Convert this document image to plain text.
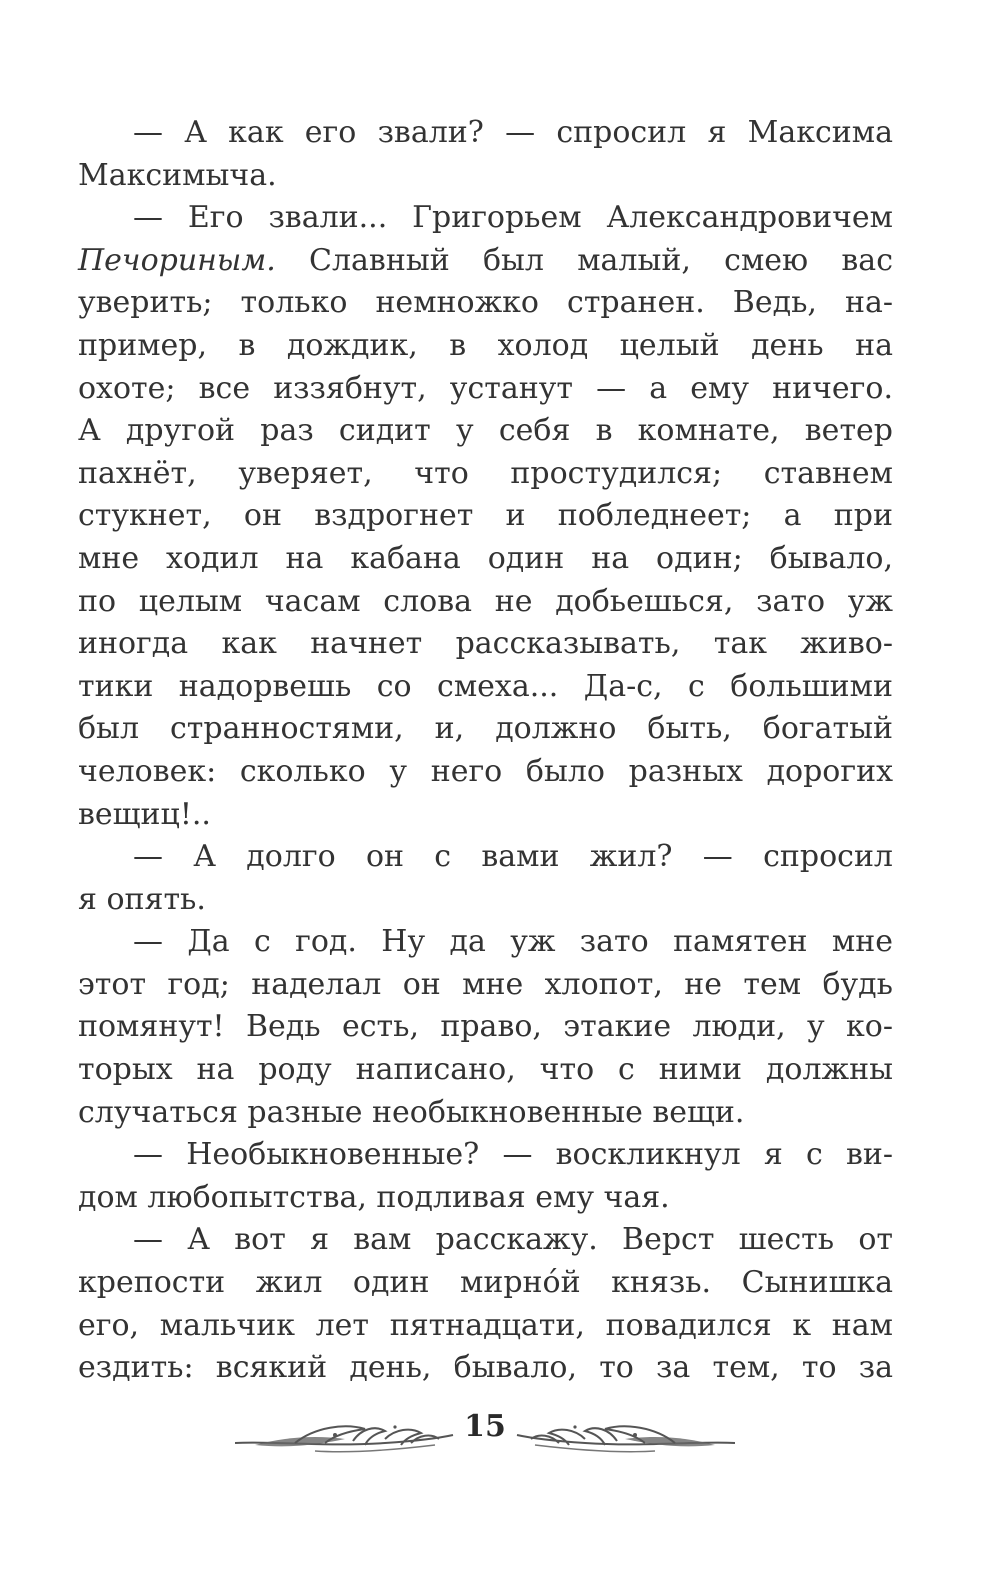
— А как его звали? — спросил я Максима
Максимыча.
— Его звали... Григорьем Александровичем
Печориным. Славный был малый, смею вас
уверить; только немножко странен. Ведь, на-
пример, в дождик, в холод целый день на
охоте; все иззябнут, устанут — а ему ничего.
А другой раз сидит у себя в комнате, ветер
пахнёт, уверяет, что простудился; ставнем
стукнет, он вздрогнет и побледнеет; а при
мне ходил на кабана один на один; бывало,
по целым часам слова не добьешься, зато уж
иногда как начнет рассказывать, так живо-
тики надорвешь со смеха... Да-с, с большими
был странностями, и, должно быть, богатый
человек: сколько у него было разных дорогих
вещиц!..
— А долго он с вами жил? — спросил
я опять.
— Да с год. Ну да уж зато памятен мне
этот год; наделал он мне хлопот, не тем будь
помянут! Ведь есть, право, этакие люди, у ко-
торых на роду написано, что с ними должны
случаться разные необыкновенные вещи.
— Необыкновенные? — воскликнул я с ви-
дом любопытства, подливая ему чая.
— А вот я вам расскажу. Верст шесть от
крепости жил один мирно́й князь. Сынишка
его, мальчик лет пятнадцати, повадился к нам
ездить: всякий день, бывало, то за тем, то за
15
